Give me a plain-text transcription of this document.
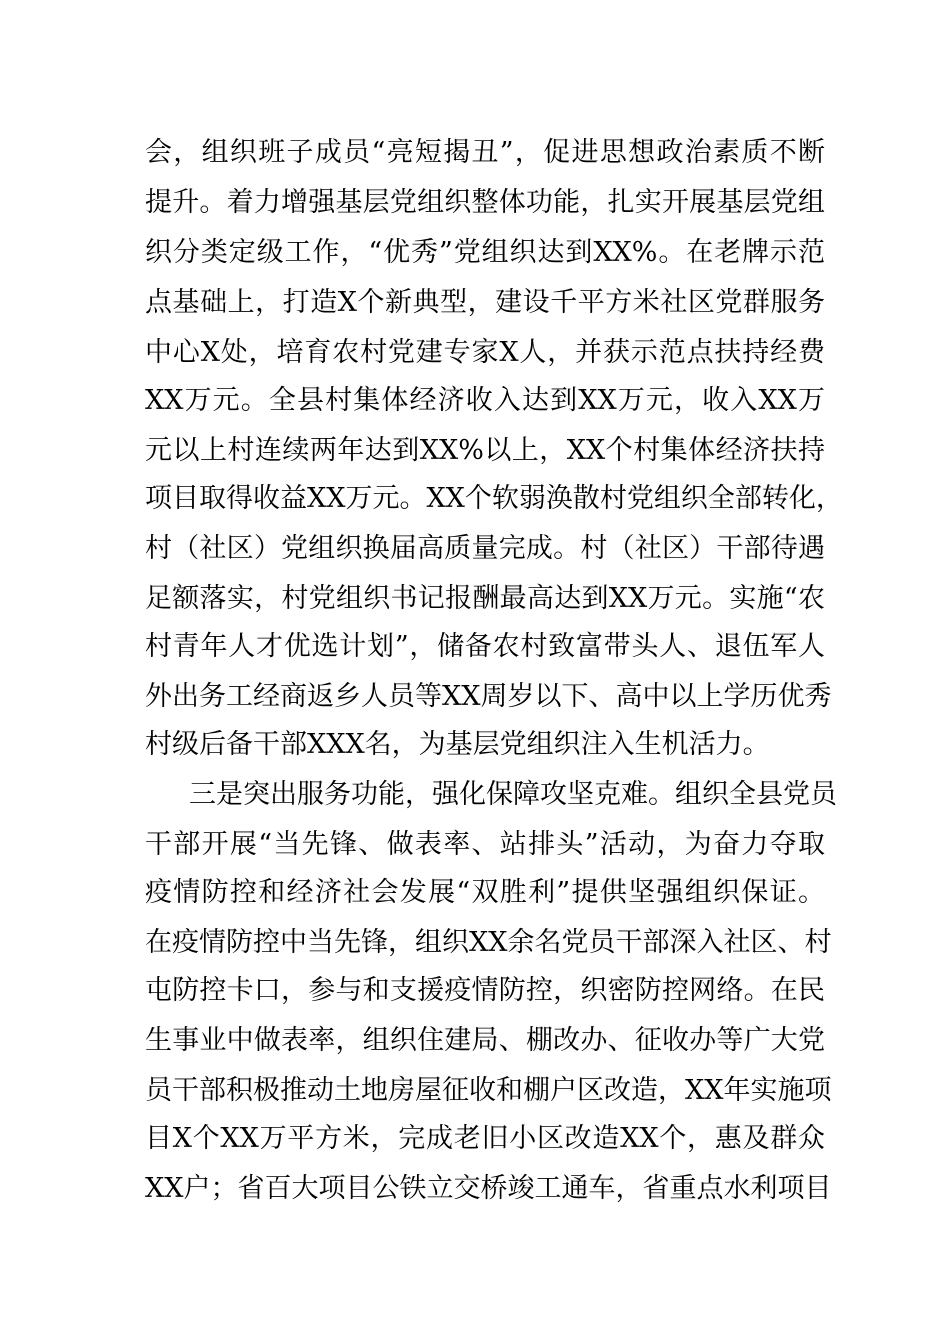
会，组织班子成员“亮短揭丑”，促进思想政治素质不断
提升。着力增强基层党组织整体功能，扎实开展基层党组
织分类定级工作，“优秀”党组织达到XX%。在老牌示范
点基础上，打造X个新典型，建设千平方米社区党群服务
中心X处，培育农村党建专家X人，并获示范点扶持经费
XX万元。全县村集体经济收入达到XX万元，收入XX万
元以上村连续两年达到XX%以上，XX个村集体经济扶持
项目取得收益XX万元。XX个软弱涣散村党组织全部转化，
村（社区）党组织换届高质量完成。村（社区）干部待遇
足额落实，村党组织书记报酬最高达到XX万元。实施“农
村青年人才优选计划”，储备农村致富带头人、退伍军人
外出务工经商返乡人员等XX周岁以下、高中以上学历优秀
村级后备干部XXX名，为基层党组织注入生机活力。
三是突出服务功能，强化保障攻坚克难。组织全县党员
干部开展“当先锋、做表率、站排头”活动，为奋力夺取
疫情防控和经济社会发展“双胜利”提供坚强组织保证。
在疫情防控中当先锋，组织XX余名党员干部深入社区、村
屯防控卡口，参与和支援疫情防控，织密防控网络。在民
生事业中做表率，组织住建局、棚改办、征收办等广大党
员干部积极推动土地房屋征收和棚户区改造，XX年实施项
目X个XX万平方米，完成老旧小区改造XX个，惠及群众
XX户；省百大项目公铁立交桥竣工通车，省重点水利项目
